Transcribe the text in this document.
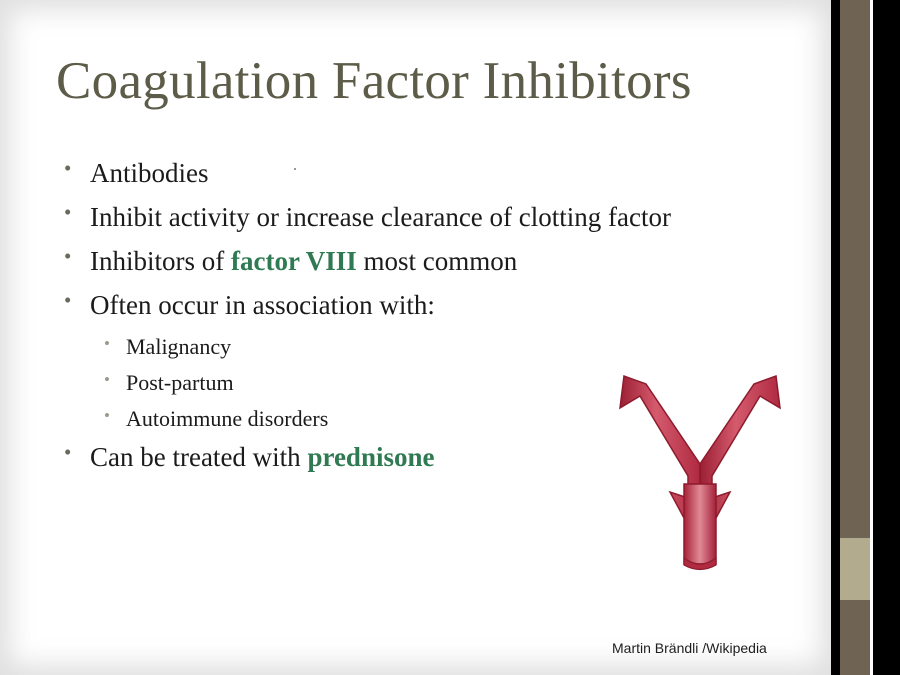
Coagulation Factor Inhibitors
• Antibodies
• Inhibit activity or increase clearance of clotting factor
• Inhibitors of factor VIII most common
• Often occur in association with:
• Malignancy
• Post-partum
• Autoimmune disorders
• Can be treated with prednisone
Martin Brändli /Wikipedia
